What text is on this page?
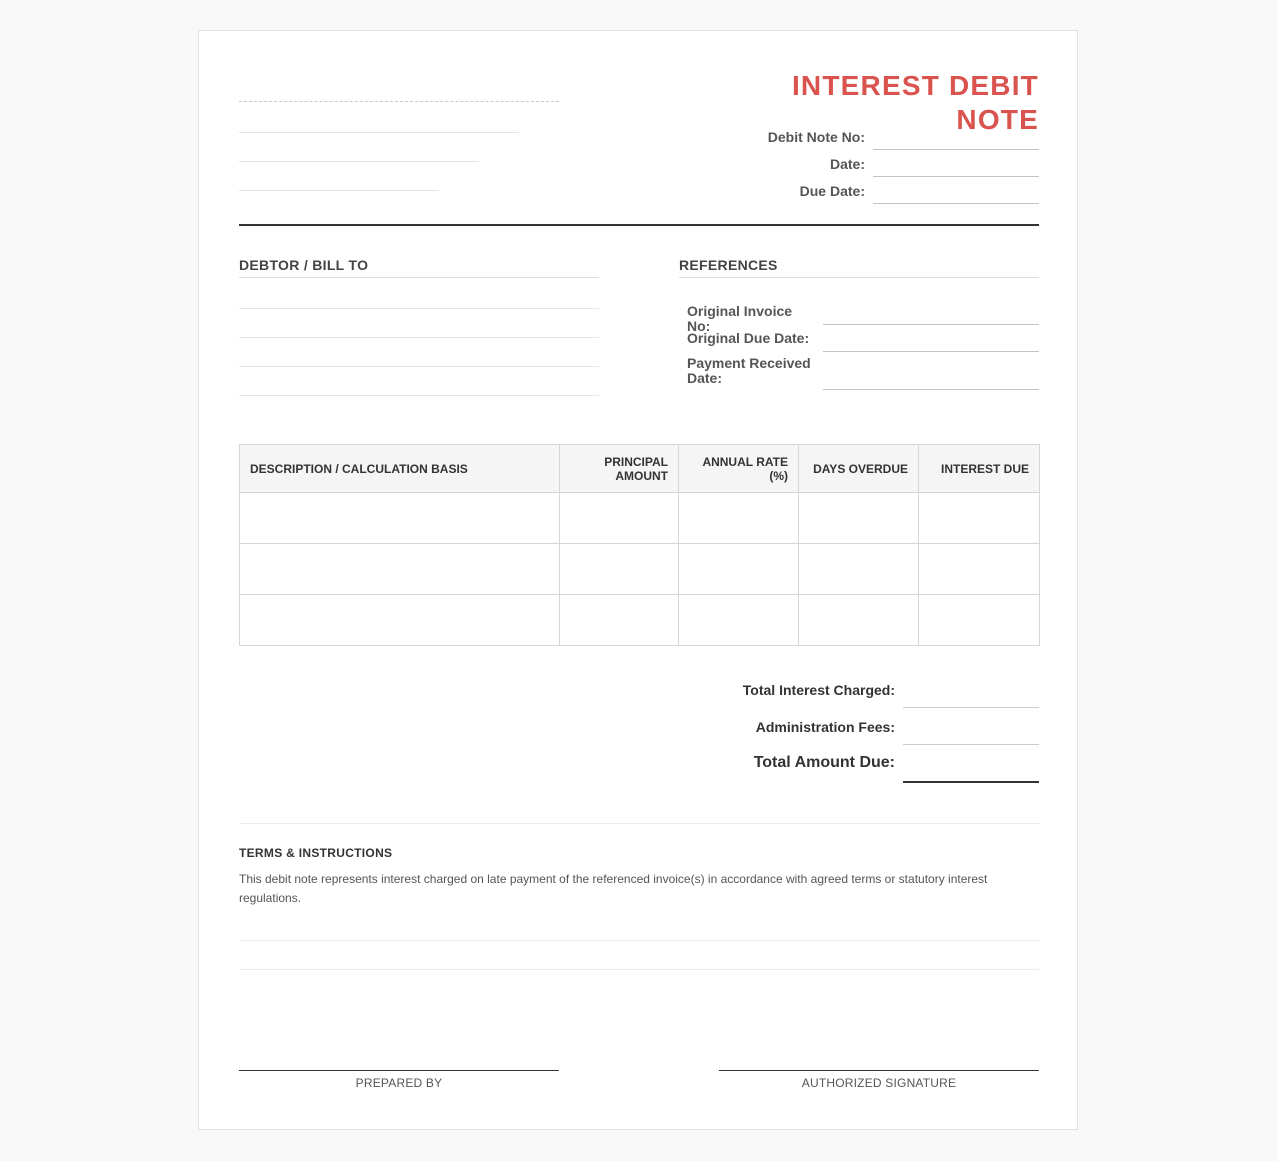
INTEREST DEBIT NOTE
Debit Note No:
Date:
Due Date:
DEBTOR / BILL TO	REFERENCES
Original Invoice No:
Original Due Date:
Payment Received Date:
DESCRIPTION / CALCULATION BASIS	PRINCIPAL AMOUNT	ANNUAL RATE (%)	DAYS OVERDUE	INTEREST DUE

Total Interest Charged:
Administration Fees:
Total Amount Due:
TERMS & INSTRUCTIONS
This debit note represents interest charged on late payment of the referenced invoice(s) in accordance with agreed terms or statutory interest regulations.
PREPARED BY	AUTHORIZED SIGNATURE
